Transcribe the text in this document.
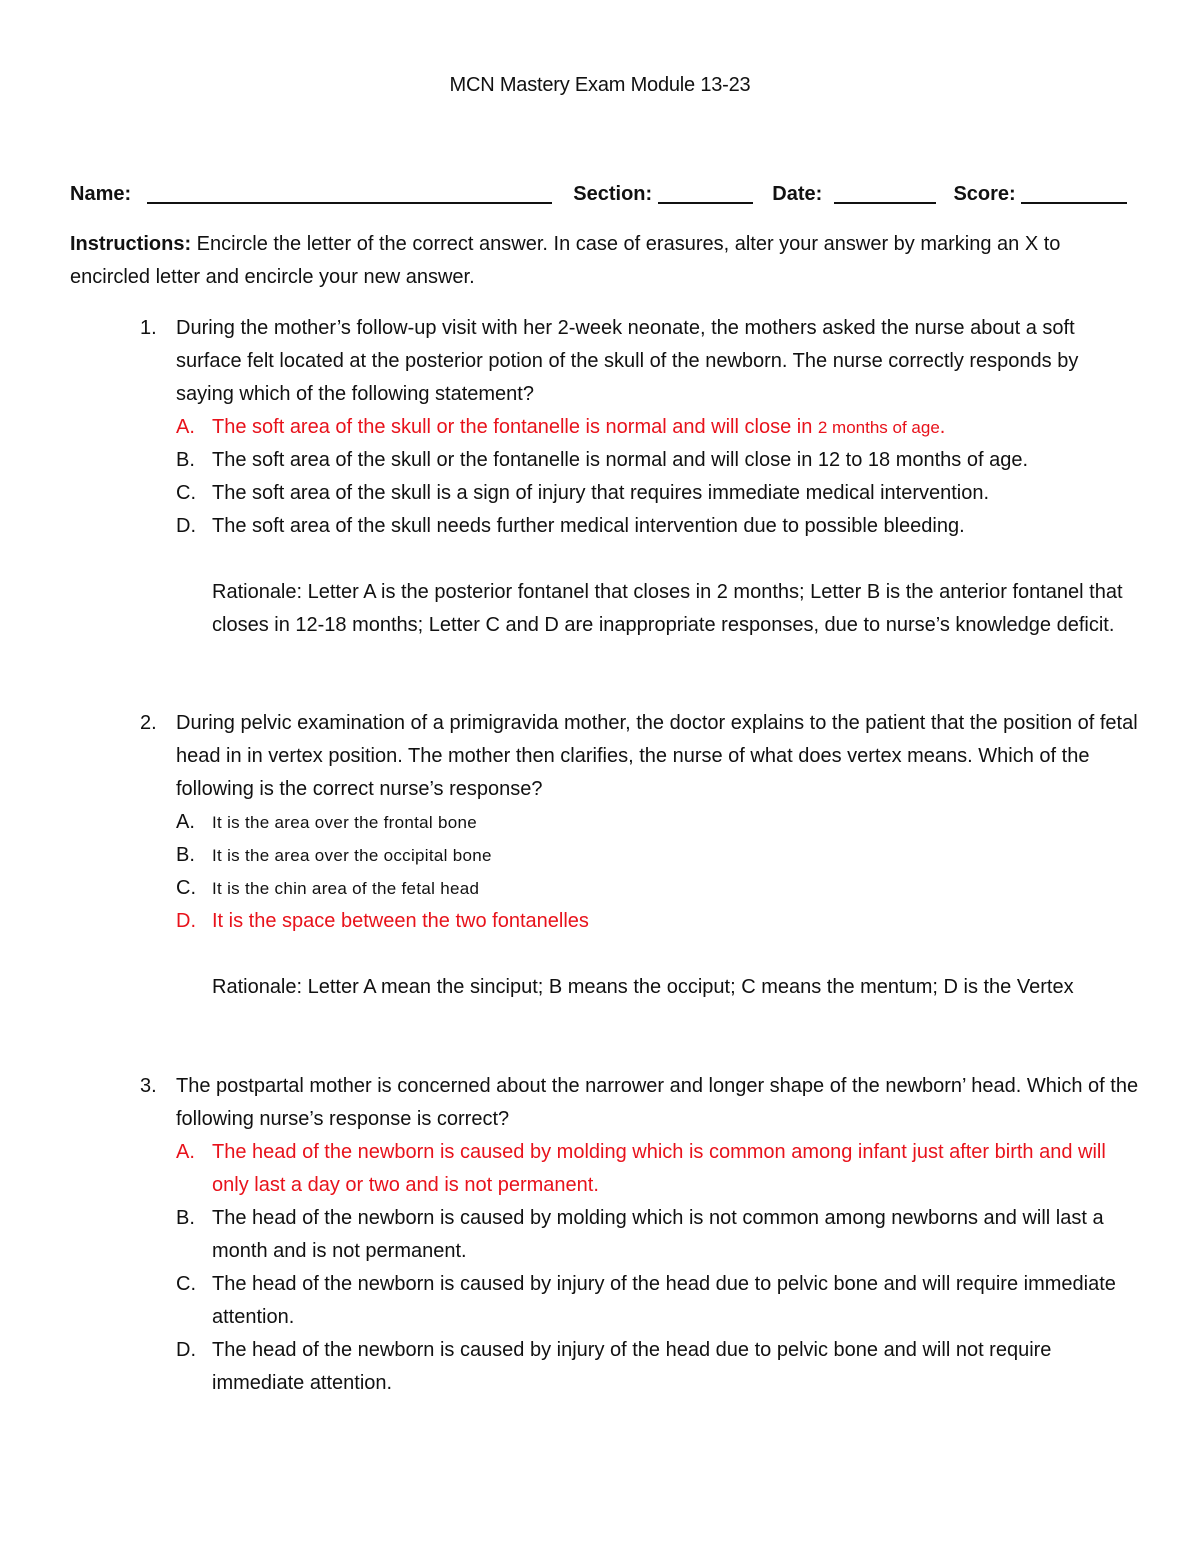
MCN Mastery Exam Module 13-23
Name:	Section:	Date:	Score:
Instructions: Encircle the letter of the correct answer. In case of erasures, alter your answer by marking an X to encircled letter and encircle your new answer.
1. During the mother’s follow-up visit with her 2-week neonate, the mothers asked the nurse about a soft surface felt located at the posterior potion of the skull of the newborn. The nurse correctly responds by saying which of the following statement?
A. The soft area of the skull or the fontanelle is normal and will close in 2 months of age.
B. The soft area of the skull or the fontanelle is normal and will close in 12 to 18 months of age.
C. The soft area of the skull is a sign of injury that requires immediate medical intervention.
D. The soft area of the skull needs further medical intervention due to possible bleeding.
Rationale: Letter A is the posterior fontanel that closes in 2 months; Letter B is the anterior fontanel that closes in 12-18 months; Letter C and D are inappropriate responses, due to nurse’s knowledge deficit.
2. During pelvic examination of a primigravida mother, the doctor explains to the patient that the position of fetal head in in vertex position. The mother then clarifies, the nurse of what does vertex means. Which of the following is the correct nurse’s response?
A. It is the area over the frontal bone
B. It is the area over the occipital bone
C. It is the chin area of the fetal head
D. It is the space between the two fontanelles
Rationale: Letter A mean the sinciput; B means the occiput; C means the mentum; D is the Vertex
3. The postpartal mother is concerned about the narrower and longer shape of the newborn’ head. Which of the following nurse’s response is correct?
A. The head of the newborn is caused by molding which is common among infant just after birth and will only last a day or two and is not permanent.
B. The head of the newborn is caused by molding which is not common among newborns and will last a month and is not permanent.
C. The head of the newborn is caused by injury of the head due to pelvic bone and will require immediate attention.
D. The head of the newborn is caused by injury of the head due to pelvic bone and will not require immediate attention.
